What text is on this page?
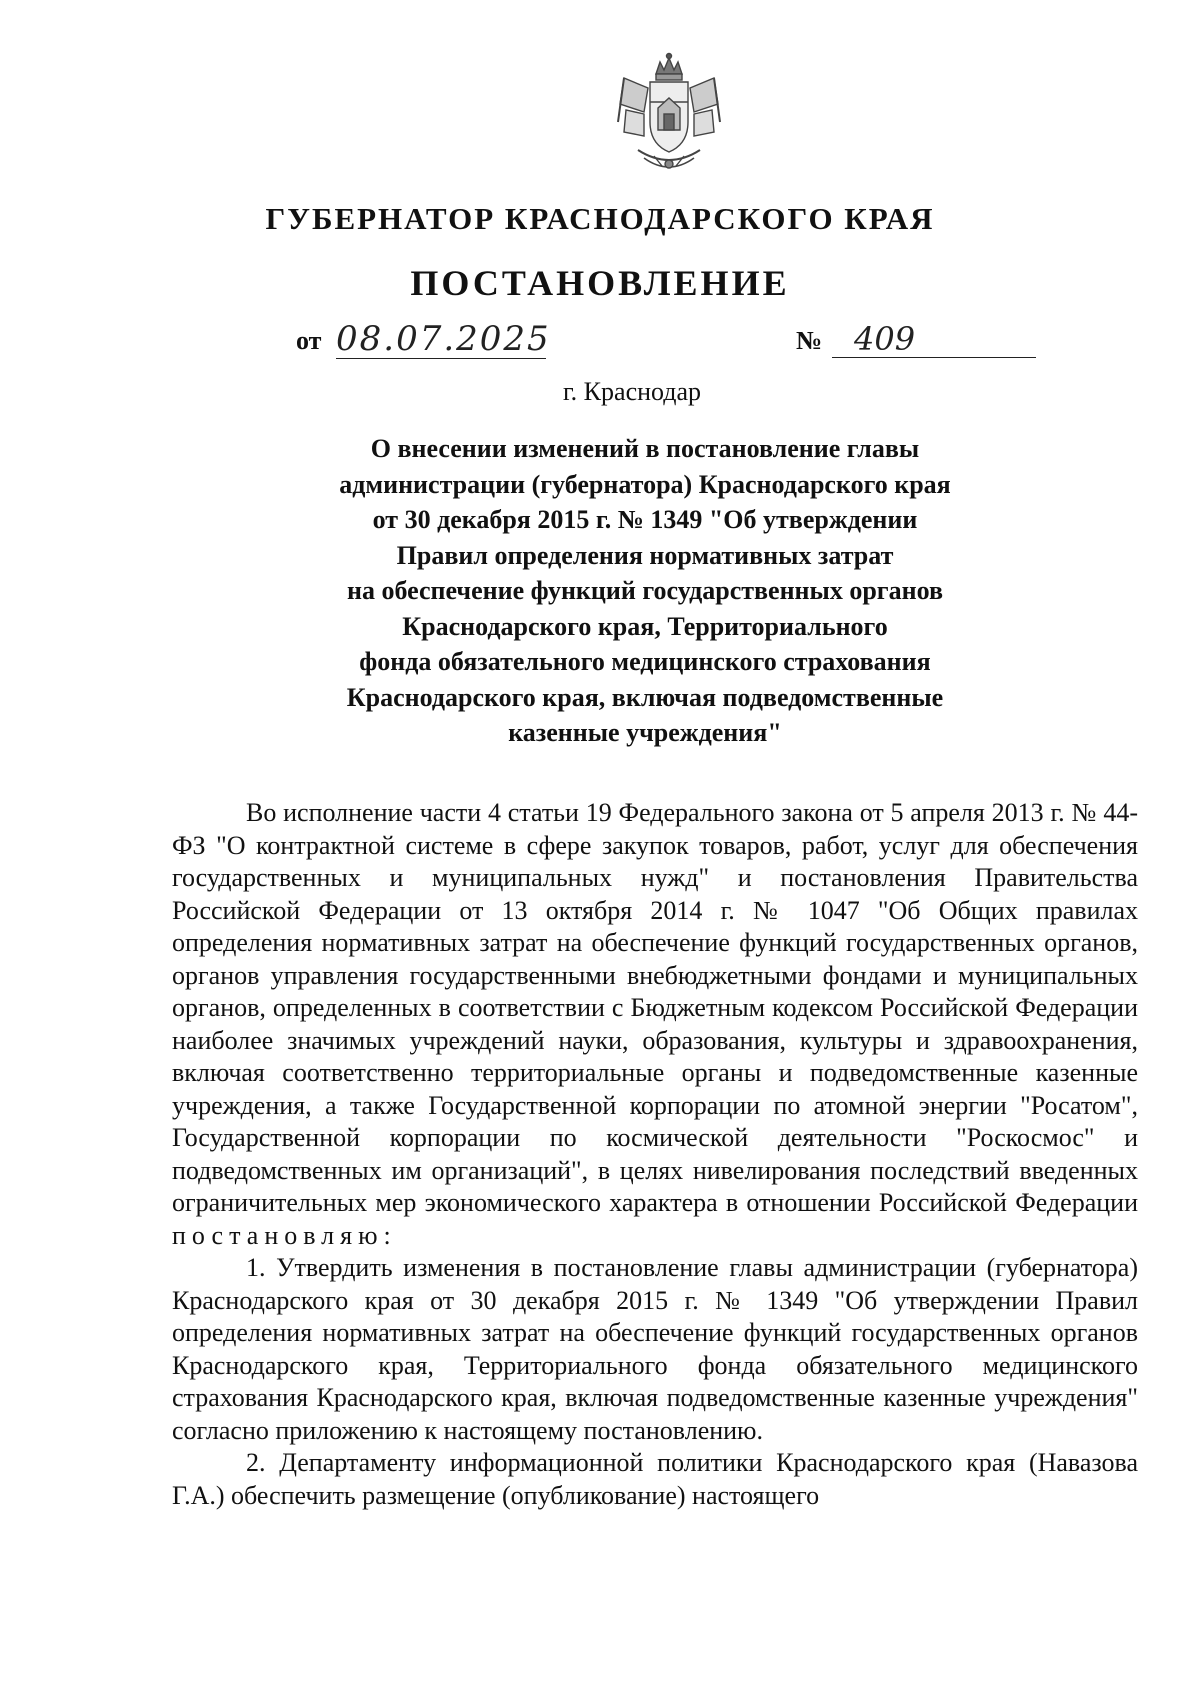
ГУБЕРНАТОР КРАСНОДАРСКОГО КРАЯ
ПОСТАНОВЛЕНИЕ
от 08.07.2025	№ 409
г. Краснодар
О внесении изменений в постановление главы
администрации (губернатора) Краснодарского края
от 30 декабря 2015 г. № 1349 "Об утверждении
Правил определения нормативных затрат
на обеспечение функций государственных органов
Краснодарского края, Территориального
фонда обязательного медицинского страхования
Краснодарского края, включая подведомственные
казенные учреждения"

Во исполнение части 4 статьи 19 Федерального закона от 5 апреля 2013 г. № 44-ФЗ "О контрактной системе в сфере закупок товаров, работ, услуг для обеспечения государственных и муниципальных нужд" и постановления Правительства Российской Федерации от 13 октября 2014 г. № 1047 "Об Общих правилах определения нормативных затрат на обеспечение функций государственных органов, органов управления государственными внебюджетными фондами и муниципальных органов, определенных в соответствии с Бюджетным кодексом Российской Федерации наиболее значимых учреждений науки, образования, культуры и здравоохранения, включая соответственно территориальные органы и подведомственные казенные учреждения, а также Государственной корпорации по атомной энергии "Росатом", Государственной корпорации по космической деятельности "Роскосмос" и подведомственных им организаций", в целях нивелирования последствий введенных ограничительных мер экономического характера в отношении Российской Федерации постановляю:

1. Утвердить изменения в постановление главы администрации (губернатора) Краснодарского края от 30 декабря 2015 г. № 1349 "Об утверждении Правил определения нормативных затрат на обеспечение функций государственных органов Краснодарского края, Территориального фонда обязательного медицинского страхования Краснодарского края, включая подведомственные казенные учреждения" согласно приложению к настоящему постановлению.

2. Департаменту информационной политики Краснодарского края (Навазова Г.А.) обеспечить размещение (опубликование) настоящего
